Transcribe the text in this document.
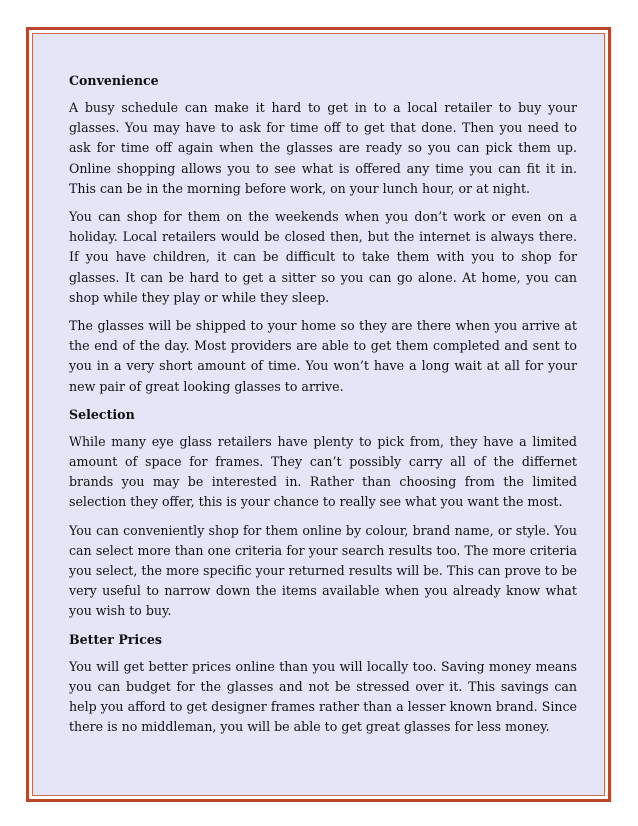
Convenience

A busy schedule can make it hard to get in to a local retailer to buy your glasses. You may have to ask for time off to get that done. Then you need to ask for time off again when the glasses are ready so you can pick them up. Online shopping allows you to see what is offered any time you can fit it in. This can be in the morning before work, on your lunch hour, or at night.

You can shop for them on the weekends when you don’t work or even on a holiday. Local retailers would be closed then, but the internet is always there. If you have children, it can be difficult to take them with you to shop for glasses. It can be hard to get a sitter so you can go alone. At home, you can shop while they play or while they sleep.

The glasses will be shipped to your home so they are there when you arrive at the end of the day. Most providers are able to get them completed and sent to you in a very short amount of time. You won’t have a long wait at all for your new pair of great looking glasses to arrive.

Selection

While many eye glass retailers have plenty to pick from, they have a limited amount of space for frames. They can’t possibly carry all of the differnet brands you may be interested in. Rather than choosing from the limited selection they offer, this is your chance to really see what you want the most.

You can conveniently shop for them online by colour, brand name, or style. You can select more than one criteria for your search results too. The more criteria you select, the more specific your returned results will be. This can prove to be very useful to narrow down the items available when you already know what you wish to buy.

Better Prices

You will get better prices online than you will locally too. Saving money means you can budget for the glasses and not be stressed over it. This savings can help you afford to get designer frames rather than a lesser known brand. Since there is no middleman, you will be able to get great glasses for less money.
